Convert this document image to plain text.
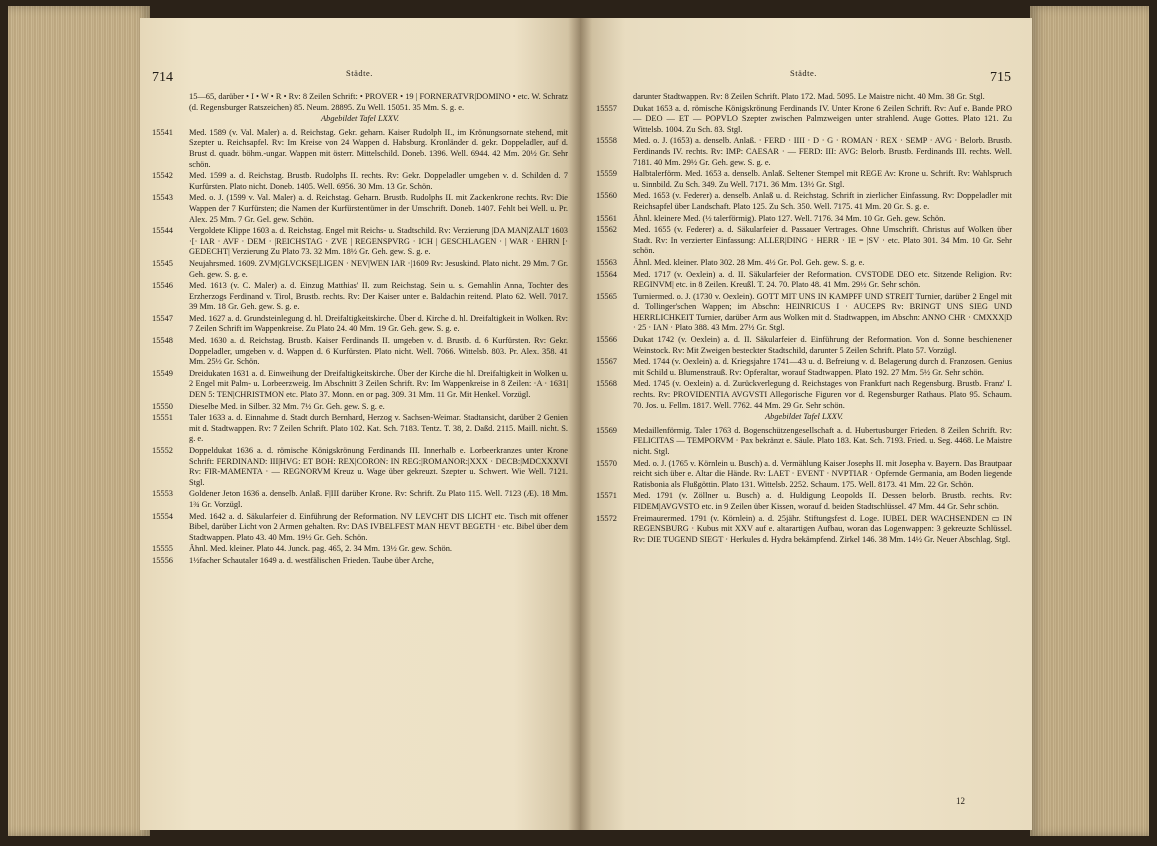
714	Städte.	715
Städte.
15—65, darüber • I • W • R • Rv: 8 Zeilen Schrift: • PROVER • 19 | FORNERATVR|DOMINO • etc. W. Schratz (d. Regensburger Ratszeichen) 85. Neum. 28895. Zu Well. 15051. 35 Mm. S. g. e.
Abgebildet Tafel LXXV.
15541	Med. 1589 (v. Val. Maler) a. d. Reichstag. Gekr. geharn. Kaiser Rudolph II., im Krönungsornate stehend, mit Szepter u. Reichsapfel. Rv: Im Kreise von 24 Wappen d. Habsburg. Kronländer d. gekr. Doppeladler, auf d. Brust d. quadr. böhm.-ungar. Wappen mit österr. Mittelschild. Doneb. 1396. Well. 6944. 42 Mm. 20½ Gr. Sehr schön.
15542	Med. 1599 a. d. Reichstag. Brustb. Rudolphs II. rechts. Rv: Gekr. Doppeladler umgeben v. d. Schilden d. 7 Kurfürsten. Plato nicht. Doneb. 1405. Well. 6956. 30 Mm. 13 Gr. Schön.
15543	Med. o. J. (1599 v. Val. Maler) a. d. Reichstag. Geharn. Brustb. Rudolphs II. mit Zackenkrone rechts. Rv: Die Wappen der 7 Kurfürsten; die Namen der Kurfürstentümer in der Umschrift. Doneb. 1407. Fehlt bei Well. u. Pr. Alex. 25 Mm. 7 Gr. Gel. gew. Schön.
15544	Vergoldete Klippe 1603 a. d. Reichstag. Engel mit Reichs- u. Stadtschild. Rv: Verzierung |DA MAN|ZALT 1603 ·[· IAR · AVF · DEM · |REICHSTAG · ZVE | REGENSPVRG · ICH | GESCHLAGEN · | WAR · EHRN [· GEDECHT| Verzierung Zu Plato 73. 32 Mm. 18½ Gr. Geh. gew. S. g. e.
15545	Neujahrsmed. 1609. ZVM|GLVCKSE|LIGEN · NEV|WEN IAR ·|1609 Rv: Jesuskind. Plato nicht. 29 Mm. 7 Gr. Geh. gew. S. g. e.
15546	Med. 1613 (v. C. Maler) a. d. Einzug Matthias' II. zum Reichstag. Sein u. s. Gemahlin Anna, Tochter des Erzherzogs Ferdinand v. Tirol, Brustb. rechts. Rv: Der Kaiser unter e. Baldachin reitend. Plato 62. Well. 7017. 39 Mm. 18 Gr. Geh. gew. S. g. e.
15547	Med. 1627 a. d. Grundsteinlegung d. hl. Dreifaltigkeitskirche. Über d. Kirche d. hl. Dreifaltigkeit in Wolken. Rv: 7 Zeilen Schrift im Wappenkreise. Zu Plato 24. 40 Mm. 19 Gr. Geh. gew. S. g. e.
15548	Med. 1630 a. d. Reichstag. Brustb. Kaiser Ferdinands II. umgeben v. d. Brustb. d. 6 Kurfürsten. Rv: Gekr. Doppeladler, umgeben v. d. Wappen d. 6 Kurfürsten. Plato nicht. Well. 7066. Wittelsb. 803. Pr. Alex. 358. 41 Mm. 25½ Gr. Schön.
15549	Dreidukaten 1631 a. d. Einweihung der Dreifaltigkeitskirche. Über der Kirche die hl. Dreifaltigkeit in Wolken u. 2 Engel mit Palm- u. Lorbeerzweig. Im Abschnitt 3 Zeilen Schrift. Rv: Im Wappenkreise in 8 Zeilen: ·A · 1631| DEN 5: TEN|CHRISTMON etc. Plato 37. Monn. en or pag. 309. 31 Mm. 11 Gr. Mit Henkel. Vorzügl.
15550	Dieselbe Med. in Silber. 32 Mm. 7½ Gr. Geh. gew. S. g. e.
15551	Taler 1633 a. d. Einnahme d. Stadt durch Bernhard, Herzog v. Sachsen-Weimar. Stadtansicht, darüber 2 Genien mit d. Stadtwappen. Rv: 7 Zeilen Schrift. Plato 102. Kat. Sch. 7183. Tentz. T. 38, 2. Daßd. 2115. Maill. nicht. S. g. e.
15552	Doppeldukat 1636 a. d. römische Königskrönung Ferdinands III. Innerhalb e. Lorbeerkranzes unter Krone Schrift: FERDINAND: III|HVG: ET BOH: REX|CORON: IN REG:|ROMANOR:|XXX · DECB:|MDCXXXVI Rv: FIR-MAMENTA · — REGNORVM Kreuz u. Wage über gekreuzt. Szepter u. Schwert. Wie Well. 7121. Stgl.
15553	Goldener Jeton 1636 a. denselb. Anlaß. F|III darüber Krone. Rv: Schrift. Zu Plato 115. Well. 7123 (Æ). 18 Mm. 1¾ Gr. Vorzügl.
15554	Med. 1642 a. d. Säkularfeier d. Einführung der Reformation. NV LEVCHT DIS LICHT etc. Tisch mit offener Bibel, darüber Licht von 2 Armen gehalten. Rv: DAS IVBELFEST MAN HEVT BEGETH · etc. Bibel über dem Stadtwappen. Plato 43. 40 Mm. 19½ Gr. Geh. Schön.
15555	Ähnl. Med. kleiner. Plato 44. Junck. pag. 465, 2. 34 Mm. 13½ Gr. gew. Schön.
15556	1½facher Schautaler 1649 a. d. westfälischen Frieden. Taube über Arche,
darunter Stadtwappen. Rv: 8 Zeilen Schrift. Plato 172. Mad. 5095. Le Maistre nicht. 40 Mm. 38 Gr. Stgl.
15557	Dukat 1653 a. d. römische Königskrönung Ferdinands IV. Unter Krone 6 Zeilen Schrift. Rv: Auf e. Bande PRO — DEO — ET — POPVLO Szepter zwischen Palmzweigen unter strahlend. Auge Gottes. Plato 121. Zu Wittelsb. 1004. Zu Sch. 83. Stgl.
15558	Med. o. J. (1653) a. denselb. Anlaß. · FERD · IIII · D · G · ROMAN · REX · SEMP · AVG · Belorb. Brustb. Ferdinands IV. rechts. Rv: IMP: CAESAR · — FERD: III: AVG: Belorb. Brustb. Ferdinands III. rechts. Well. 7181. 40 Mm. 29½ Gr. Geh. gew. S. g. e.
15559	Halbtalerförm. Med. 1653 a. denselb. Anlaß. Seltener Stempel mit REGE Av: Krone u. Schrift. Rv: Wahlspruch u. Sinnbild. Zu Sch. 349. Zu Well. 7171. 36 Mm. 13½ Gr. Stgl.
15560	Med. 1653 (v. Federer) a. denselb. Anlaß u. d. Reichstag. Schrift in zierlicher Einfassung. Rv: Doppeladler mit Reichsapfel über Landschaft. Plato 125. Zu Sch. 350. Well. 7175. 41 Mm. 20 Gr. S. g. e.
15561	Ähnl. kleinere Med. (½ talerförmig). Plato 127. Well. 7176. 34 Mm. 10 Gr. Geh. gew. Schön.
15562	Med. 1655 (v. Federer) a. d. Säkularfeier d. Passauer Vertrages. Ohne Umschrift. Christus auf Wolken über Stadt. Rv: In verzierter Einfassung: ALLER|DING · HERR · IE = |SV · etc. Plato 301. 34 Mm. 10 Gr. Sehr schön.
15563	Ähnl. Med. kleiner. Plato 302. 28 Mm. 4½ Gr. Pol. Geh. gew. S. g. e.
15564	Med. 1717 (v. Oexlein) a. d. II. Säkularfeier der Reformation. CVSTODE DEO etc. Sitzende Religion. Rv: REGINVM| etc. in 8 Zeilen. Kreußl. T. 24. 70. Plato 48. 41 Mm. 29½ Gr. Sehr schön.
15565	Turniermed. o. J. (1730 v. Oexlein). GOTT MIT UNS IN KAMPFF UND STREIT Turnier, darüber 2 Engel mit d. Tollinger'schen Wappen; im Abschn: HEINRICUS I · AUCEPS Rv: BRINGT UNS SIEG UND HERRLICHKEIT Turnier, darüber Arm aus Wolken mit d. Stadtwappen, im Abschn: ANNO CHR · CMXXX|D · 25 · IAN · Plato 388. 43 Mm. 27½ Gr. Stgl.
15566	Dukat 1742 (v. Oexlein) a. d. II. Säkularfeier d. Einführung der Reformation. Von d. Sonne beschienener Weinstock. Rv: Mit Zweigen besteckter Stadtschild, darunter 5 Zeilen Schrift. Plato 57. Vorzügl.
15567	Med. 1744 (v. Oexlein) a. d. Kriegsjahre 1741—43 u. d. Befreiung v. d. Belagerung durch d. Franzosen. Genius mit Schild u. Blumenstrauß. Rv: Opferaltar, worauf Stadtwappen. Plato 192. 27 Mm. 5½ Gr. Sehr schön.
15568	Med. 1745 (v. Oexlein) a. d. Zurückverlegung d. Reichstages von Frankfurt nach Regensburg. Brustb. Franz' I. rechts. Rv: PROVIDENTIA AVGVSTI Allegorische Figuren vor d. Regensburger Rathaus. Plato 95. Schaum. 70. Jos. u. Fellm. 1817. Well. 7762. 44 Mm. 29 Gr. Sehr schön.
Abgebildet Tafel LXXV.
15569	Medaillenförmig. Taler 1763 d. Bogenschützengesellschaft a. d. Hubertusburger Frieden. 8 Zeilen Schrift. Rv: FELICITAS — TEMPORVM · Pax bekränzt e. Säule. Plato 183. Kat. Sch. 7193. Fried. u. Seg. 4468. Le Maistre nicht. Stgl.
15570	Med. o. J. (1765 v. Körnlein u. Busch) a. d. Vermählung Kaiser Josephs II. mit Josepha v. Bayern. Das Brautpaar reicht sich über e. Altar die Hände. Rv: LAET · EVENT · NVPTIAR · Opfernde Germania, am Boden liegende Ratisbonia als Flußgöttin. Plato 131. Wittelsb. 2252. Schaum. 175. Well. 8173. 41 Mm. 22 Gr. Schön.
15571	Med. 1791 (v. Zöllner u. Busch) a. d. Huldigung Leopolds II. Dessen belorb. Brustb. rechts. Rv: FIDEM|AVGVSTO etc. in 9 Zeilen über Kissen, worauf d. beiden Stadtschlüssel. 47 Mm. 44 Gr. Sehr schön.
15572	Freimaurermed. 1791 (v. Körnlein) a. d. 25jähr. Stiftungsfest d. Loge. IUBEL DER WACHSENDEN ▭ IN REGENSBURG · Kubus mit XXV auf e. altarartigen Aufbau, woran das Logenwappen: 3 gekreuzte Schlüssel. Rv: DIE TUGEND SIEGT · Herkules d. Hydra bekämpfend. Zirkel 146. 38 Mm. 14½ Gr. Neuer Abschlag. Stgl.
12
